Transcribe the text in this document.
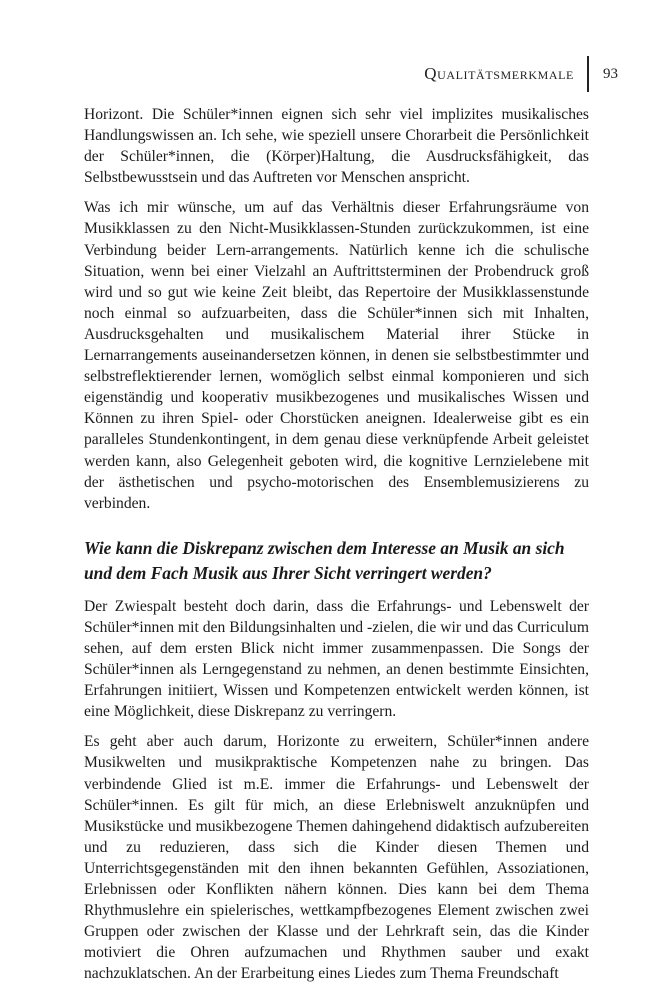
Qualitätsmerkmale 93

Horizont. Die Schüler*innen eignen sich sehr viel implizites musikalisches Handlungswissen an. Ich sehe, wie speziell unsere Chorarbeit die Persönlichkeit der Schüler*innen, die (Körper)Haltung, die Ausdrucksfähigkeit, das Selbstbewusstsein und das Auftreten vor Menschen anspricht.

Was ich mir wünsche, um auf das Verhältnis dieser Erfahrungsräume von Musikklassen zu den Nicht-Musikklassen-Stunden zurückzukommen, ist eine Verbindung beider Lern-arrangements. Natürlich kenne ich die schulische Situation, wenn bei einer Vielzahl an Auftrittsterminen der Probendruck groß wird und so gut wie keine Zeit bleibt, das Repertoire der Musikklassenstunde noch einmal so aufzuarbeiten, dass die Schüler*innen sich mit Inhalten, Ausdrucksgehalten und musikalischem Material ihrer Stücke in Lernarrangements auseinandersetzen können, in denen sie selbstbestimmter und selbstreflektierender lernen, womöglich selbst einmal komponieren und sich eigenständig und kooperativ musikbezogenes und musikalisches Wissen und Können zu ihren Spiel- oder Chorstücken aneignen. Idealerweise gibt es ein paralleles Stundenkontingent, in dem genau diese verknüpfende Arbeit geleistet werden kann, also Gelegenheit geboten wird, die kognitive Lernzielebene mit der ästhetischen und psycho-motorischen des Ensemblemusizierens zu verbinden.

Wie kann die Diskrepanz zwischen dem Interesse an Musik an sich und dem Fach Musik aus Ihrer Sicht verringert werden?

Der Zwiespalt besteht doch darin, dass die Erfahrungs- und Lebenswelt der Schüler*innen mit den Bildungsinhalten und -zielen, die wir und das Curriculum sehen, auf dem ersten Blick nicht immer zusammenpassen. Die Songs der Schüler*innen als Lerngegenstand zu nehmen, an denen bestimmte Einsichten, Erfahrungen initiiert, Wissen und Kompetenzen entwickelt werden können, ist eine Möglichkeit, diese Diskrepanz zu verringern.

Es geht aber auch darum, Horizonte zu erweitern, Schüler*innen andere Musikwelten und musikpraktische Kompetenzen nahe zu bringen. Das verbindende Glied ist m.E. immer die Erfahrungs- und Lebenswelt der Schüler*innen. Es gilt für mich, an diese Erlebniswelt anzuknüpfen und Musikstücke und musikbezogene Themen dahingehend didaktisch aufzubereiten und zu reduzieren, dass sich die Kinder diesen Themen und Unterrichtsgegenständen mit den ihnen bekannten Gefühlen, Assoziationen, Erlebnissen oder Konflikten nähern können. Dies kann bei dem Thema Rhythmuslehre ein spielerisches, wettkampfbezogenes Element zwischen zwei Gruppen oder zwischen der Klasse und der Lehrkraft sein, das die Kinder motiviert die Ohren aufzumachen und Rhythmen sauber und exakt nachzuklatschen. An der Erarbeitung eines Liedes zum Thema Freundschaft
